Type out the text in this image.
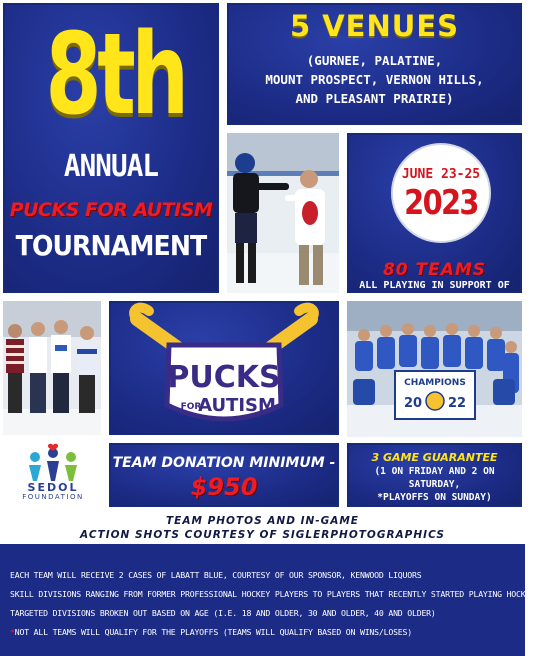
8th
ANNUAL
PUCKS FOR AUTISM
TOURNAMENT
5 VENUES
(GURNEE, PALATINE,
MOUNT PROSPECT, VERNON HILLS,
AND PLEASANT PRAIRIE)
JUNE 23-25
2023
80 TEAMS
ALL PLAYING IN SUPPORT OF
PUCKS
FOR
AUTISM
CHAMPIONS
20 22
SEDOL
FOUNDATION
TEAM DONATION MINIMUM -
$950
3 GAME GUARANTEE
(1 ON FRIDAY AND 2 ON SATURDAY,
*PLAYOFFS ON SUNDAY)
TEAM PHOTOS AND IN-GAME
ACTION SHOTS COURTESY OF SIGLERPHOTOGRAPHICS
EACH TEAM WILL RECEIVE 2 CASES OF LABATT BLUE, COURTESY OF OUR SPONSOR, KENWOOD LIQUORS
SKILL DIVISIONS RANGING FROM FORMER PROFESSIONAL HOCKEY PLAYERS TO PLAYERS THAT RECENTLY STARTED PLAYING HOCKEY
TARGETED DIVISIONS BROKEN OUT BASED ON AGE (I.E. 18 AND OLDER, 30 AND OLDER, 40 AND OLDER)
*NOT ALL TEAMS WILL QUALIFY FOR THE PLAYOFFS (TEAMS WILL QUALIFY BASED ON WINS/LOSES)
